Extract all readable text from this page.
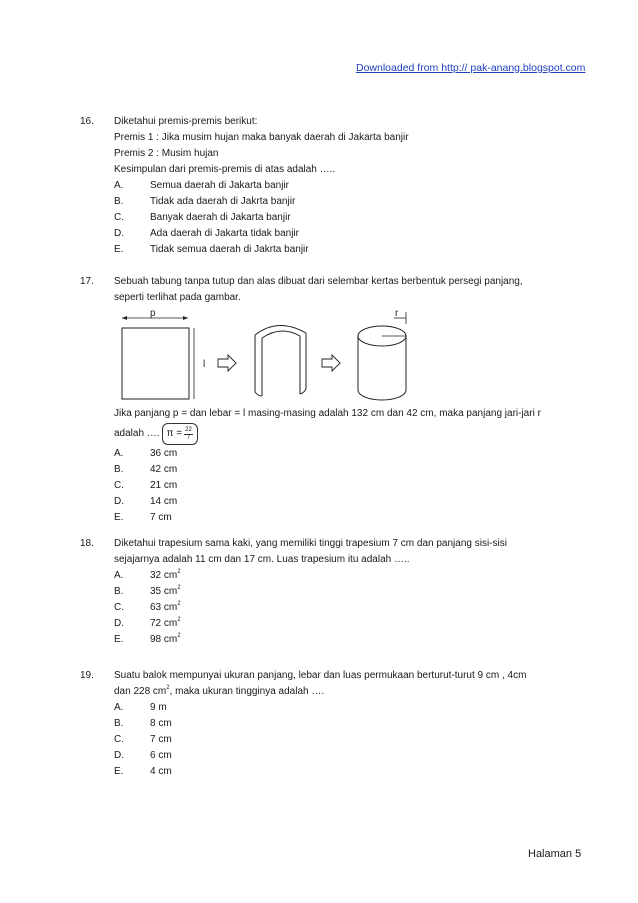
Downloaded from http:// pak-anang.blogspot.com
16. Diketahui premis-premis berikut:
Premis 1 : Jika musim hujan maka banyak daerah di Jakarta banjir
Premis 2 : Musim hujan
Kesimpulan dari premis-premis di atas adalah …..
A.	Semua daerah di Jakarta banjir
B.	Tidak ada daerah di Jakrta banjir
C.	Banyak daerah di Jakarta banjir
D.	Ada daerah di Jakarta tidak banjir
E.	Tidak semua daerah di Jakrta banjir
17. Sebuah tabung tanpa tutup dan alas dibuat dari selembar kertas berbentuk persegi panjang,
seperti terlihat pada gambar.
p
l
r
Jika panjang p = dan lebar = l masing-masing adalah 132 cm dan 42 cm, maka panjang jari-jari r
adalah …. $\pi = \frac{22}{7}$
A.	36 cm
B.	42 cm
C.	21 cm
D.	14 cm
E.	7 cm
18. Diketahui trapesium sama kaki, yang memiliki tinggi trapesium 7 cm dan panjang sisi-sisi
sejajarnya adalah 11 cm dan 17 cm. Luas trapesium itu adalah …..
A.	32 $cm^2$
B.	35 $cm^2$
C.	63 $cm^2$
D.	72 $cm^2$
E.	98 $cm^2$
19. Suatu balok mempunyai ukuran panjang, lebar dan luas permukaan berturut-turut 9 cm , 4cm
dan 228 $cm^2$, maka ukuran tingginya adalah ….
A.	9 m
B.	8 cm
C.	7 cm
D.	6 cm
E.	4 cm
Halaman 5
